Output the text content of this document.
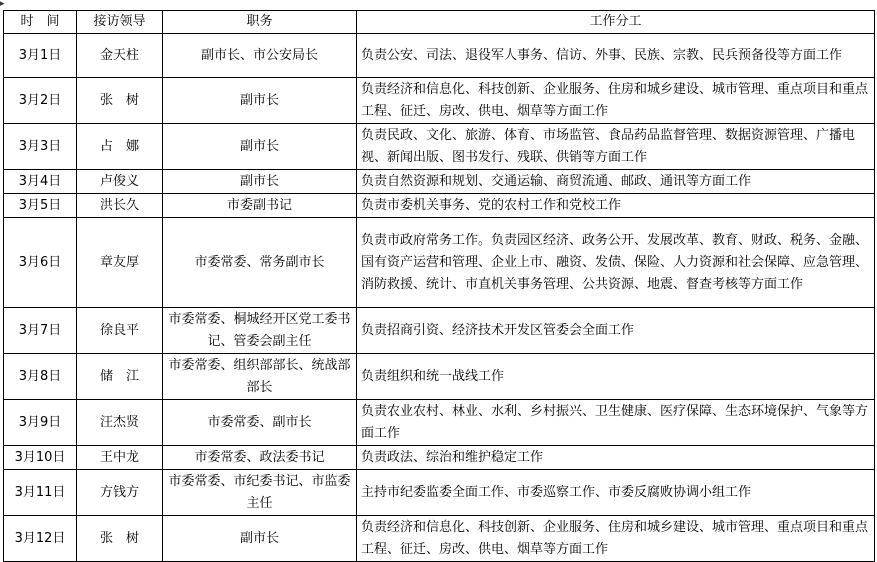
▸
时　间	接访领导	职务	工作分工
3月1日	金天柱	副市长、市公安局长	负责公安、司法、退役军人事务、信访、外事、民族、宗教、民兵预备役等方面工作
3月2日	张　树	副市长	负责经济和信息化、科技创新、企业服务、住房和城乡建设、城市管理、重点项目和重点工程、征迁、房改、供电、烟草等方面工作
3月3日	占　娜	副市长	负责民政、文化、旅游、体育、市场监管、食品药品监督管理、数据资源管理、广播电视、新闻出版、图书发行、残联、供销等方面工作
3月4日	卢俊义	副市长	负责自然资源和规划、交通运输、商贸流通、邮政、通讯等方面工作
3月5日	洪长久	市委副书记	负责市委机关事务、党的农村工作和党校工作
3月6日	章友厚	市委常委、常务副市长	负责市政府常务工作。负责园区经济、政务公开、发展改革、教育、财政、税务、金融、国有资产运营和管理、企业上市、融资、发债、保险、人力资源和社会保障、应急管理、消防救援、统计、市直机关事务管理、公共资源、地震、督查考核等方面工作
3月7日	徐良平	市委常委、桐城经开区党工委书记、管委会副主任	负责招商引资、经济技术开发区管委会全面工作
3月8日	储　江	市委常委、组织部部长、统战部部长	负责组织和统一战线工作
3月9日	汪杰贤	市委常委、副市长	负责农业农村、林业、水利、乡村振兴、卫生健康、医疗保障、生态环境保护、气象等方面工作
3月10日	王中龙	市委常委、政法委书记	负责政法、综治和维护稳定工作
3月11日	方钱方	市委常委、市纪委书记、市监委主任	主持市纪委监委全面工作、市委巡察工作、市委反腐败协调小组工作
3月12日	张　树	副市长	负责经济和信息化、科技创新、企业服务、住房和城乡建设、城市管理、重点项目和重点工程、征迁、房改、供电、烟草等方面工作
